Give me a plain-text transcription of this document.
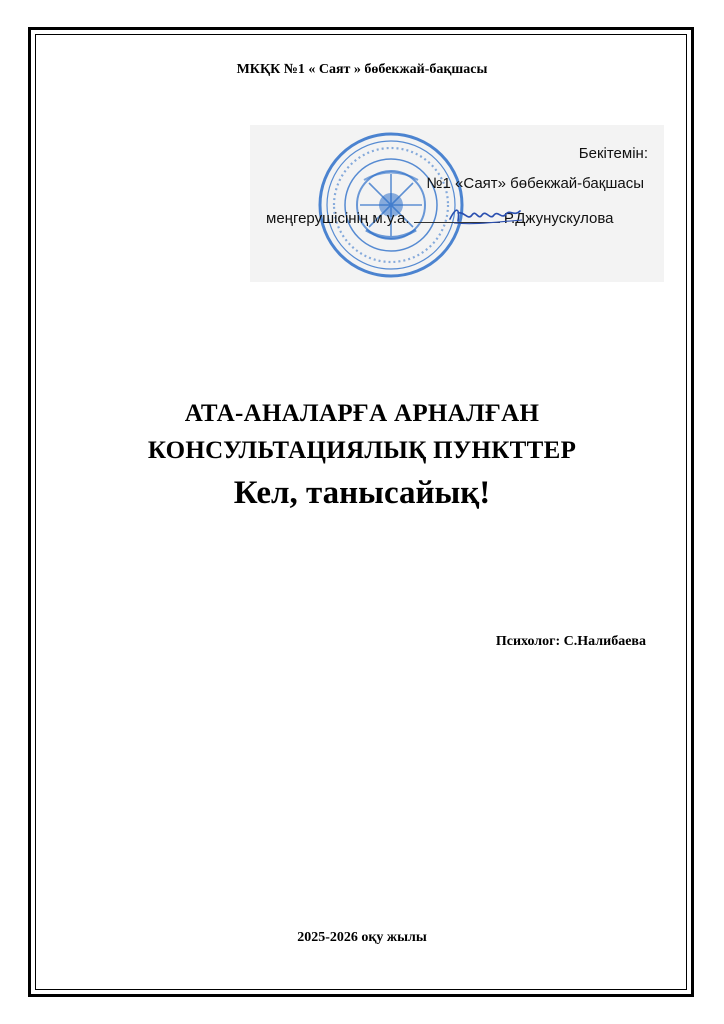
МКҚК №1 « Саят » бөбекжай-бақшасы
Бекітемін:
№1 «Саят» бөбекжай-бақшасы
меңгерушісінің м.у.а.	Р.Джунускулова
АТА-АНАЛАРҒА АРНАЛҒАН
КОНСУЛЬТАЦИЯЛЫҚ ПУНКТТЕР
Кел, танысайық!
Психолог: С.Налибаева
2025-2026 оқу жылы
